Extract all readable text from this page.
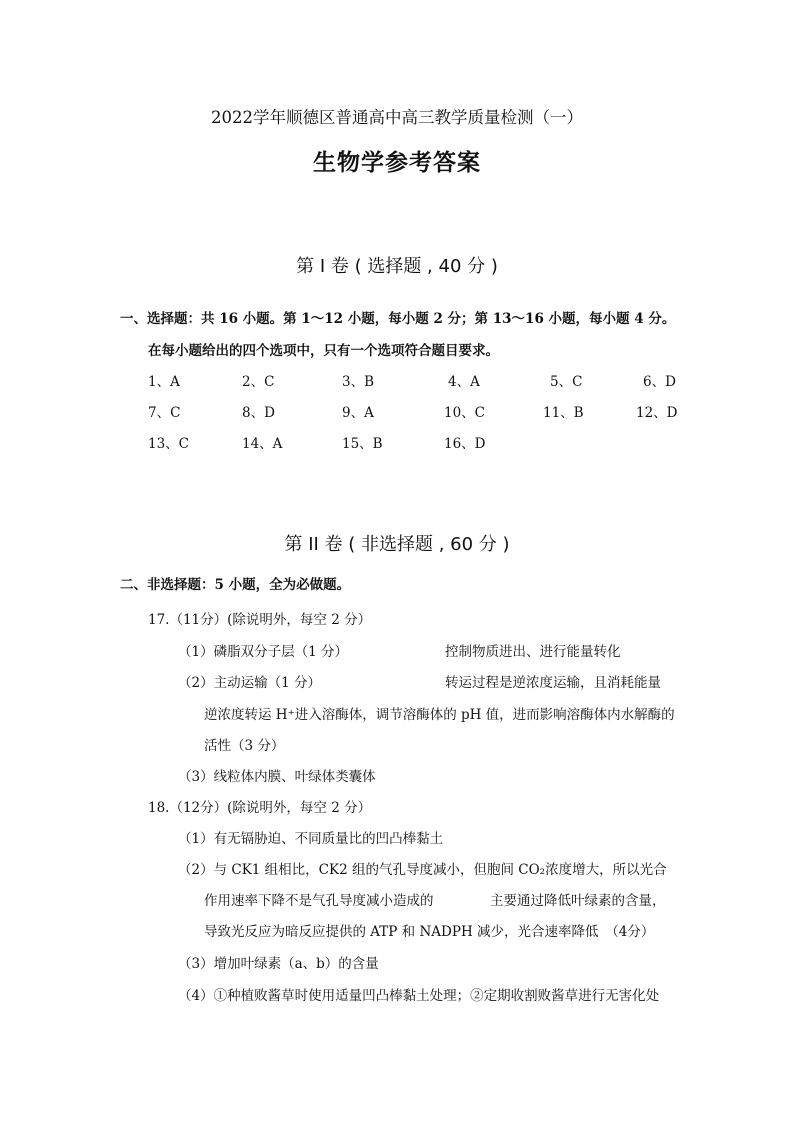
2022学年顺德区普通高中高三教学质量检测（一）
生物学参考答案
第 I 卷 ( 选择题 , 40 分 )
一、选择题：共 16 小题。第 1～12 小题，每小题 2 分；第 13～16 小题，每小题 4 分。
在每小题给出的四个选项中，只有一个选项符合题目要求。
1、A	2、C	3、B	4、A	5、C	6、D
7、C	8、D	9、A	10、C	11、B	12、D
13、C	14、A	15、B	16、D
第 II 卷 ( 非选择题 , 60 分 )
二、非选择题：5 小题，全为必做题。
17.（11分）(除说明外，每空 2 分）
（1）磷脂双分子层（1 分）	控制物质进出、进行能量转化
（2）主动运输（1 分）	转运过程是逆浓度运输，且消耗能量
逆浓度转运 H⁺进入溶酶体，调节溶酶体的 pH 值，进而影响溶酶体内水解酶的
活性（3 分）
（3）线粒体内膜、叶绿体类囊体
18.（12分）(除说明外，每空 2 分）
（1）有无镉胁迫、不同质量比的凹凸棒黏土
（2）与 CK1 组相比，CK2 组的气孔导度减小，但胞间 CO₂浓度增大，所以光合
作用速率下降不是气孔导度减小造成的	主要通过降低叶绿素的含量，
导致光反应为暗反应提供的 ATP 和 NADPH 减少，光合速率降低　（4分）
（3）增加叶绿素（a、b）的含量
（4）①种植败酱草时使用适量凹凸棒黏土处理；②定期收割败酱草进行无害化处
